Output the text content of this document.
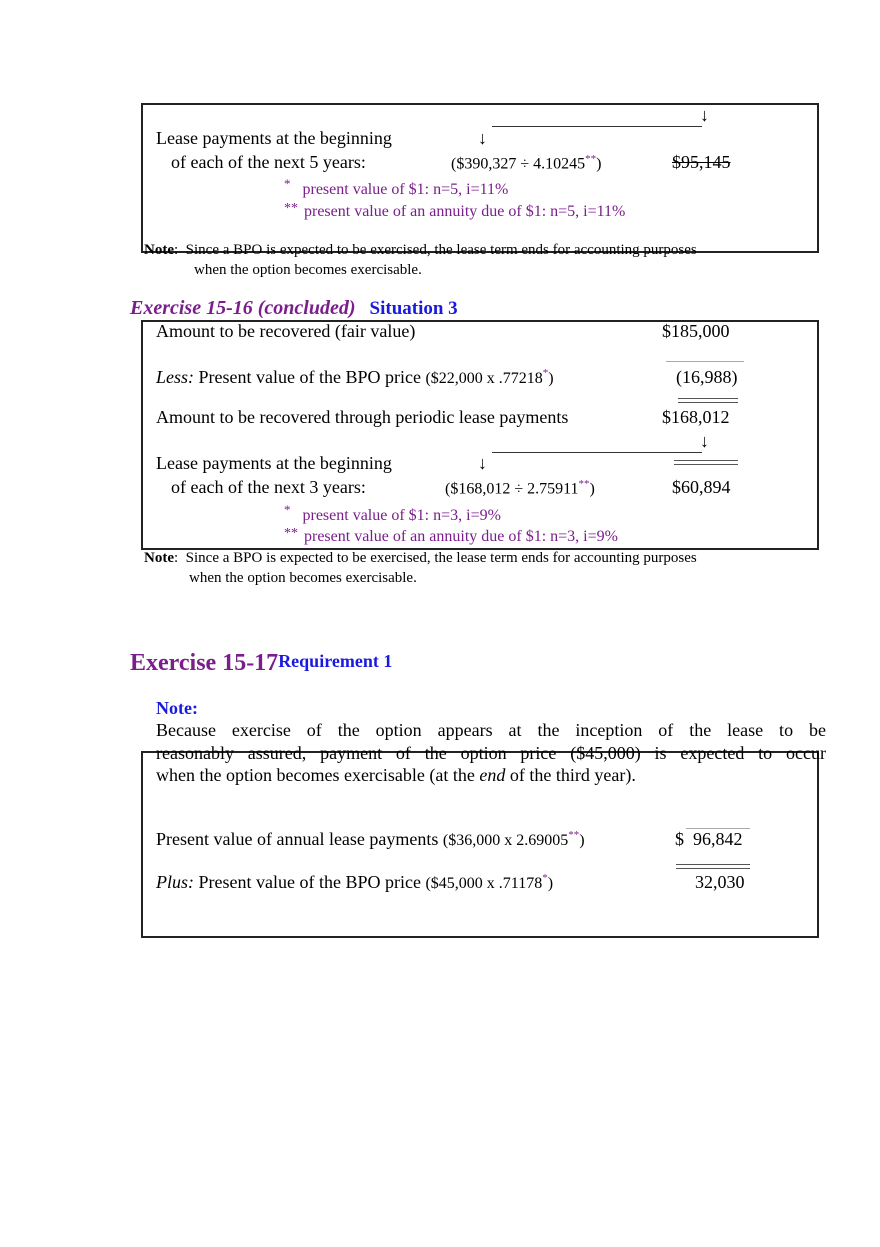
↓
↓
Lease payments at the beginning
of each of the next 5 years:	($390,327 ÷ 4.10245**)	$95,145
* present value of $1: n=5, i=11%
** present value of an annuity due of $1: n=5, i=11%
Note: Since a BPO is expected to be exercised, the lease term ends for accounting purposes
when the option becomes exercisable.
Exercise 15-16 (concluded) Situation 3
Amount to be recovered (fair value)	$185,000
Less: Present value of the BPO price ($22,000 x .77218*)	(16,988)
Amount to be recovered through periodic lease payments	$168,012
↓
↓
Lease payments at the beginning
of each of the next 3 years:	($168,012 ÷ 2.75911**)	$60,894
* present value of $1: n=3, i=9%
** present value of an annuity due of $1: n=3, i=9%
Note: Since a BPO is expected to be exercised, the lease term ends for accounting purposes
when the option becomes exercisable.
Exercise 15-17Requirement 1
Note:
Because exercise of the option appears at the inception of the lease to be
reasonably assured, payment of the option price ($45,000) is expected to occur
when the option becomes exercisable (at the end of the third year).
Present value of annual lease payments ($36,000 x 2.69005**)	$  96,842
Plus: Present value of the BPO price ($45,000 x .71178*)	32,030
